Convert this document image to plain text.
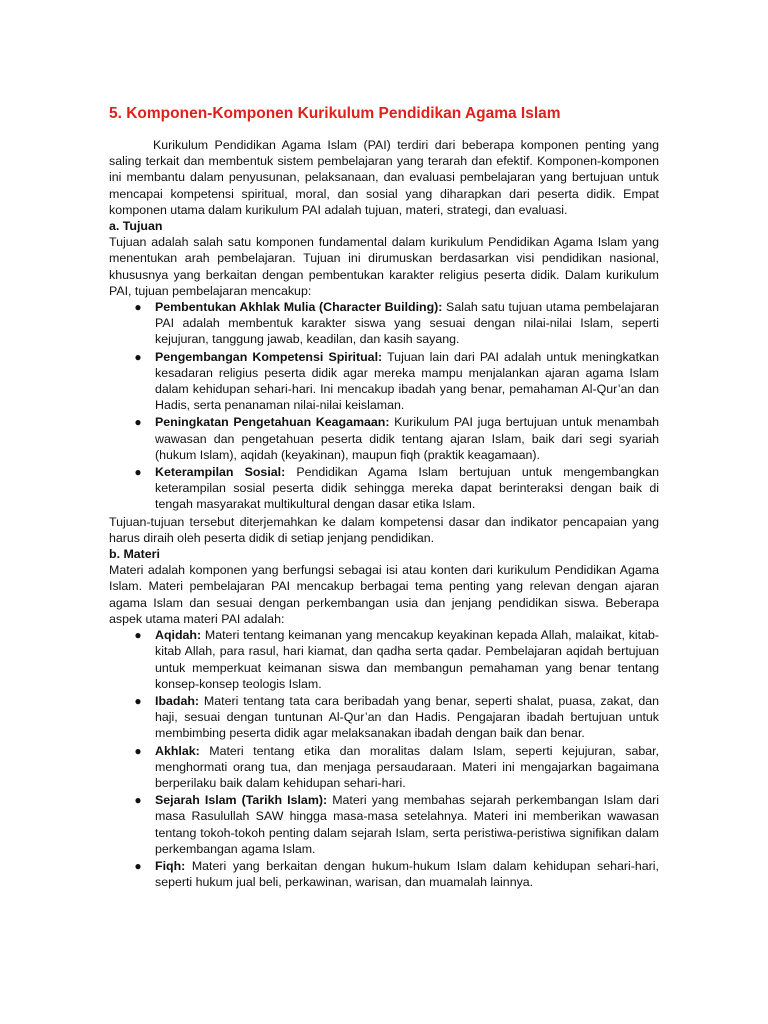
5. Komponen-Komponen Kurikulum Pendidikan Agama Islam

Kurikulum Pendidikan Agama Islam (PAI) terdiri dari beberapa komponen penting yang saling terkait dan membentuk sistem pembelajaran yang terarah dan efektif. Komponen-komponen ini membantu dalam penyusunan, pelaksanaan, dan evaluasi pembelajaran yang bertujuan untuk mencapai kompetensi spiritual, moral, dan sosial yang diharapkan dari peserta didik. Empat komponen utama dalam kurikulum PAI adalah tujuan, materi, strategi, dan evaluasi.

a. Tujuan

Tujuan adalah salah satu komponen fundamental dalam kurikulum Pendidikan Agama Islam yang menentukan arah pembelajaran. Tujuan ini dirumuskan berdasarkan visi pendidikan nasional, khususnya yang berkaitan dengan pembentukan karakter religius peserta didik. Dalam kurikulum PAI, tujuan pembelajaran mencakup:

● Pembentukan Akhlak Mulia (Character Building): Salah satu tujuan utama pembelajaran PAI adalah membentuk karakter siswa yang sesuai dengan nilai-nilai Islam, seperti kejujuran, tanggung jawab, keadilan, dan kasih sayang.
● Pengembangan Kompetensi Spiritual: Tujuan lain dari PAI adalah untuk meningkatkan kesadaran religius peserta didik agar mereka mampu menjalankan ajaran agama Islam dalam kehidupan sehari-hari. Ini mencakup ibadah yang benar, pemahaman Al-Qur’an dan Hadis, serta penanaman nilai-nilai keislaman.
● Peningkatan Pengetahuan Keagamaan: Kurikulum PAI juga bertujuan untuk menambah wawasan dan pengetahuan peserta didik tentang ajaran Islam, baik dari segi syariah (hukum Islam), aqidah (keyakinan), maupun fiqh (praktik keagamaan).
● Keterampilan Sosial: Pendidikan Agama Islam bertujuan untuk mengembangkan keterampilan sosial peserta didik sehingga mereka dapat berinteraksi dengan baik di tengah masyarakat multikultural dengan dasar etika Islam.

Tujuan-tujuan tersebut diterjemahkan ke dalam kompetensi dasar dan indikator pencapaian yang harus diraih oleh peserta didik di setiap jenjang pendidikan.

b. Materi

Materi adalah komponen yang berfungsi sebagai isi atau konten dari kurikulum Pendidikan Agama Islam. Materi pembelajaran PAI mencakup berbagai tema penting yang relevan dengan ajaran agama Islam dan sesuai dengan perkembangan usia dan jenjang pendidikan siswa. Beberapa aspek utama materi PAI adalah:

● Aqidah: Materi tentang keimanan yang mencakup keyakinan kepada Allah, malaikat, kitab-kitab Allah, para rasul, hari kiamat, dan qadha serta qadar. Pembelajaran aqidah bertujuan untuk memperkuat keimanan siswa dan membangun pemahaman yang benar tentang konsep-konsep teologis Islam.
● Ibadah: Materi tentang tata cara beribadah yang benar, seperti shalat, puasa, zakat, dan haji, sesuai dengan tuntunan Al-Qur’an dan Hadis. Pengajaran ibadah bertujuan untuk membimbing peserta didik agar melaksanakan ibadah dengan baik dan benar.
● Akhlak: Materi tentang etika dan moralitas dalam Islam, seperti kejujuran, sabar, menghormati orang tua, dan menjaga persaudaraan. Materi ini mengajarkan bagaimana berperilaku baik dalam kehidupan sehari-hari.
● Sejarah Islam (Tarikh Islam): Materi yang membahas sejarah perkembangan Islam dari masa Rasulullah SAW hingga masa-masa setelahnya. Materi ini memberikan wawasan tentang tokoh-tokoh penting dalam sejarah Islam, serta peristiwa-peristiwa signifikan dalam perkembangan agama Islam.
● Fiqh: Materi yang berkaitan dengan hukum-hukum Islam dalam kehidupan sehari-hari, seperti hukum jual beli, perkawinan, warisan, dan muamalah lainnya.
